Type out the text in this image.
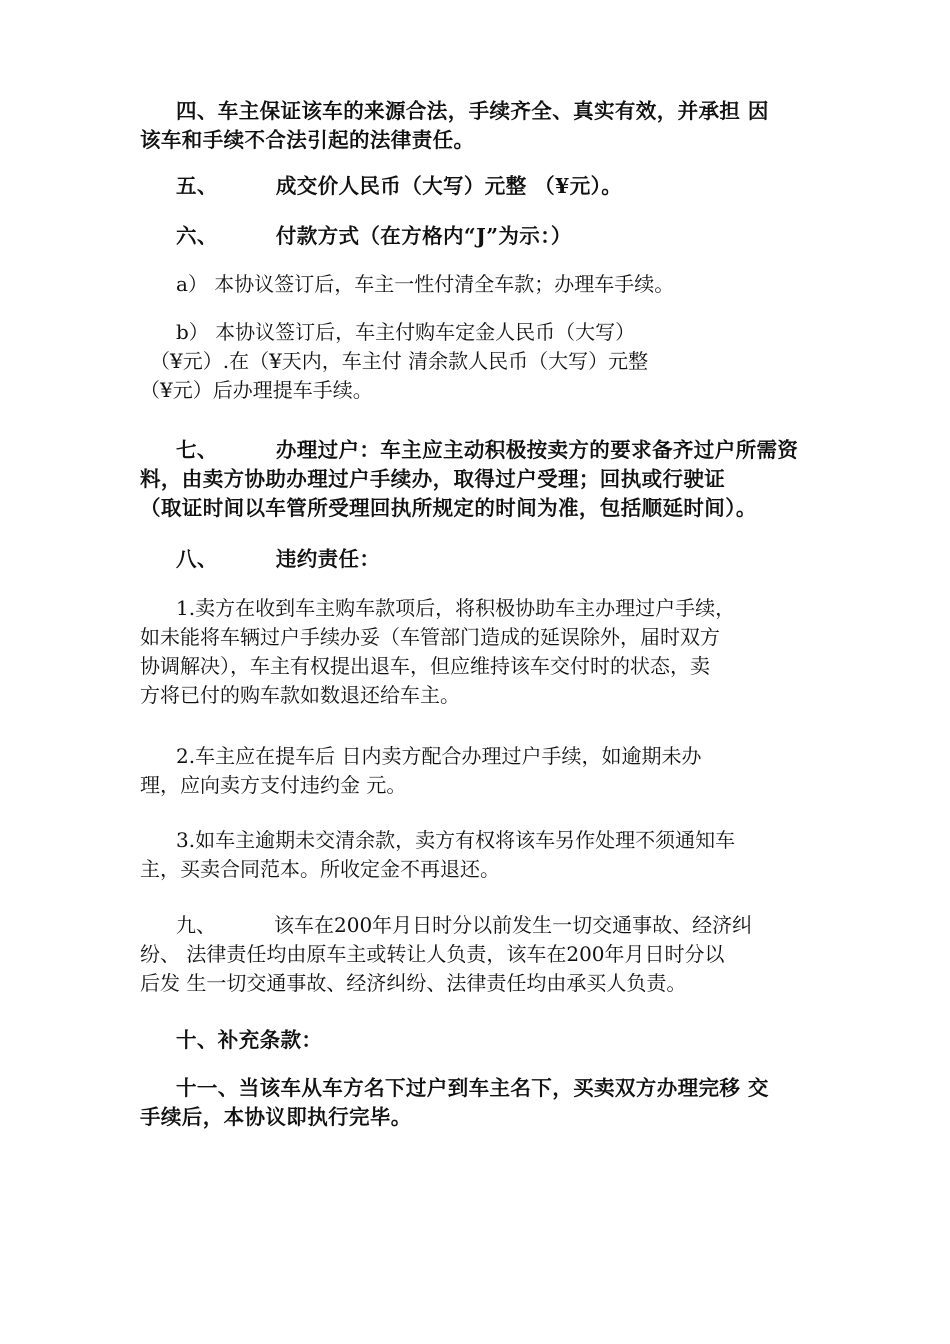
四、车主保证该车的来源合法，手续齐全、真实有效，并承担 因
该车和手续不合法引起的法律责任。
五、	成交价人民币（大写）元整 （¥元）。
六、	付款方式（在方格内“J”为示：）
a） 本协议签订后，车主一性付清全车款；办理车手续。
b） 本协议签订后，车主付购车定金人民币（大写）
（¥元）.在（¥天内，车主付 清余款人民币（大写）元整
（¥元）后办理提车手续。
七、	办理过户：车主应主动积极按卖方的要求备齐过户所需资
料，由卖方协助办理过户手续办，取得过户受理；回执或行驶证
（取证时间以车管所受理回执所规定的时间为准，包括顺延时间）。
八、	违约责任：
1.卖方在收到车主购车款项后，将积极协助车主办理过户手续，
如未能将车辆过户手续办妥（车管部门造成的延误除外，届时双方
协调解决），车主有权提出退车，但应维持该车交付时的状态，卖
方将已付的购车款如数退还给车主。
2.车主应在提车后 日内卖方配合办理过户手续，如逾期未办
理，应向卖方支付违约金 元。
3.如车主逾期未交清余款，卖方有权将该车另作处理不须通知车
主，买卖合同范本。所收定金不再退还。
九、	该车在200年月日时分以前发生一切交通事故、经济纠
纷、 法律责任均由原车主或转让人负责，该车在200年月日时分以
后发 生一切交通事故、经济纠纷、法律责任均由承买人负责。
十、补充条款：
十一、当该车从车方名下过户到车主名下，买卖双方办理完移 交
手续后，本协议即执行完毕。
